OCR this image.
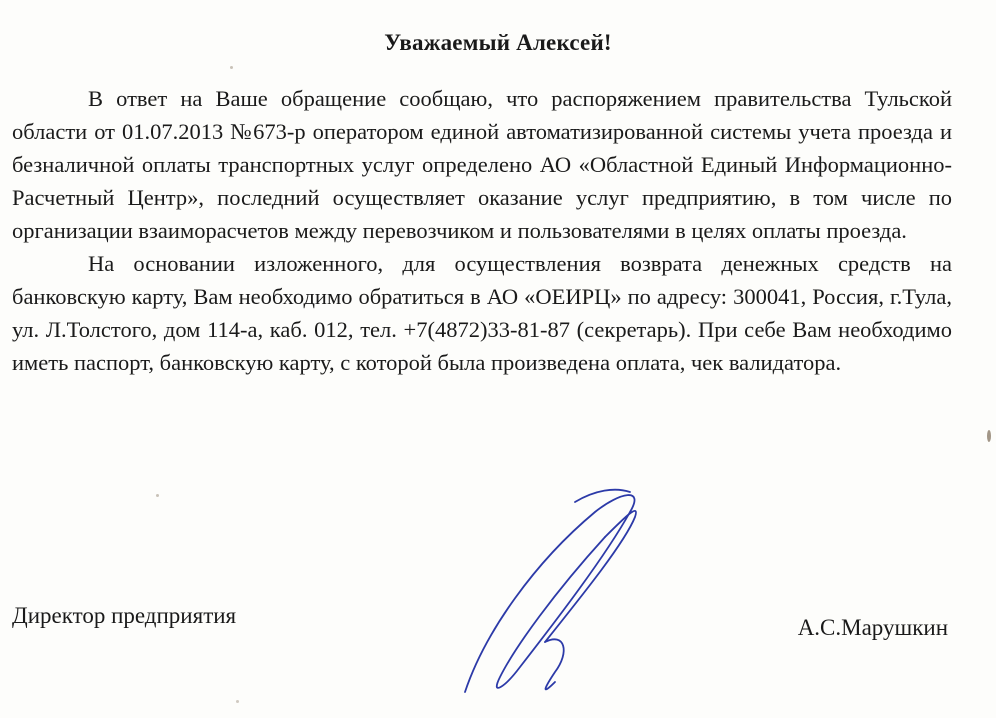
Уважаемый Алексей!

В ответ на Ваше обращение сообщаю, что распоряжением правительства Тульской области от 01.07.2013 №673-р оператором единой автоматизированной системы учета проезда и безналичной оплаты транспортных услуг определено АО «Областной Единый Информационно-Расчетный Центр», последний осуществляет оказание услуг предприятию, в том числе по организации взаиморасчетов между перевозчиком и пользователями в целях оплаты проезда.

На основании изложенного, для осуществления возврата денежных средств на банковскую карту, Вам необходимо обратиться в АО «ОЕИРЦ» по адресу: 300041, Россия, г.Тула, ул. Л.Толстого, дом 114-а, каб. 012, тел. +7(4872)33-81-87 (секретарь). При себе Вам необходимо иметь паспорт, банковскую карту, с которой была произведена оплата, чек валидатора.

Директор предприятия	А.С.Марушкин
